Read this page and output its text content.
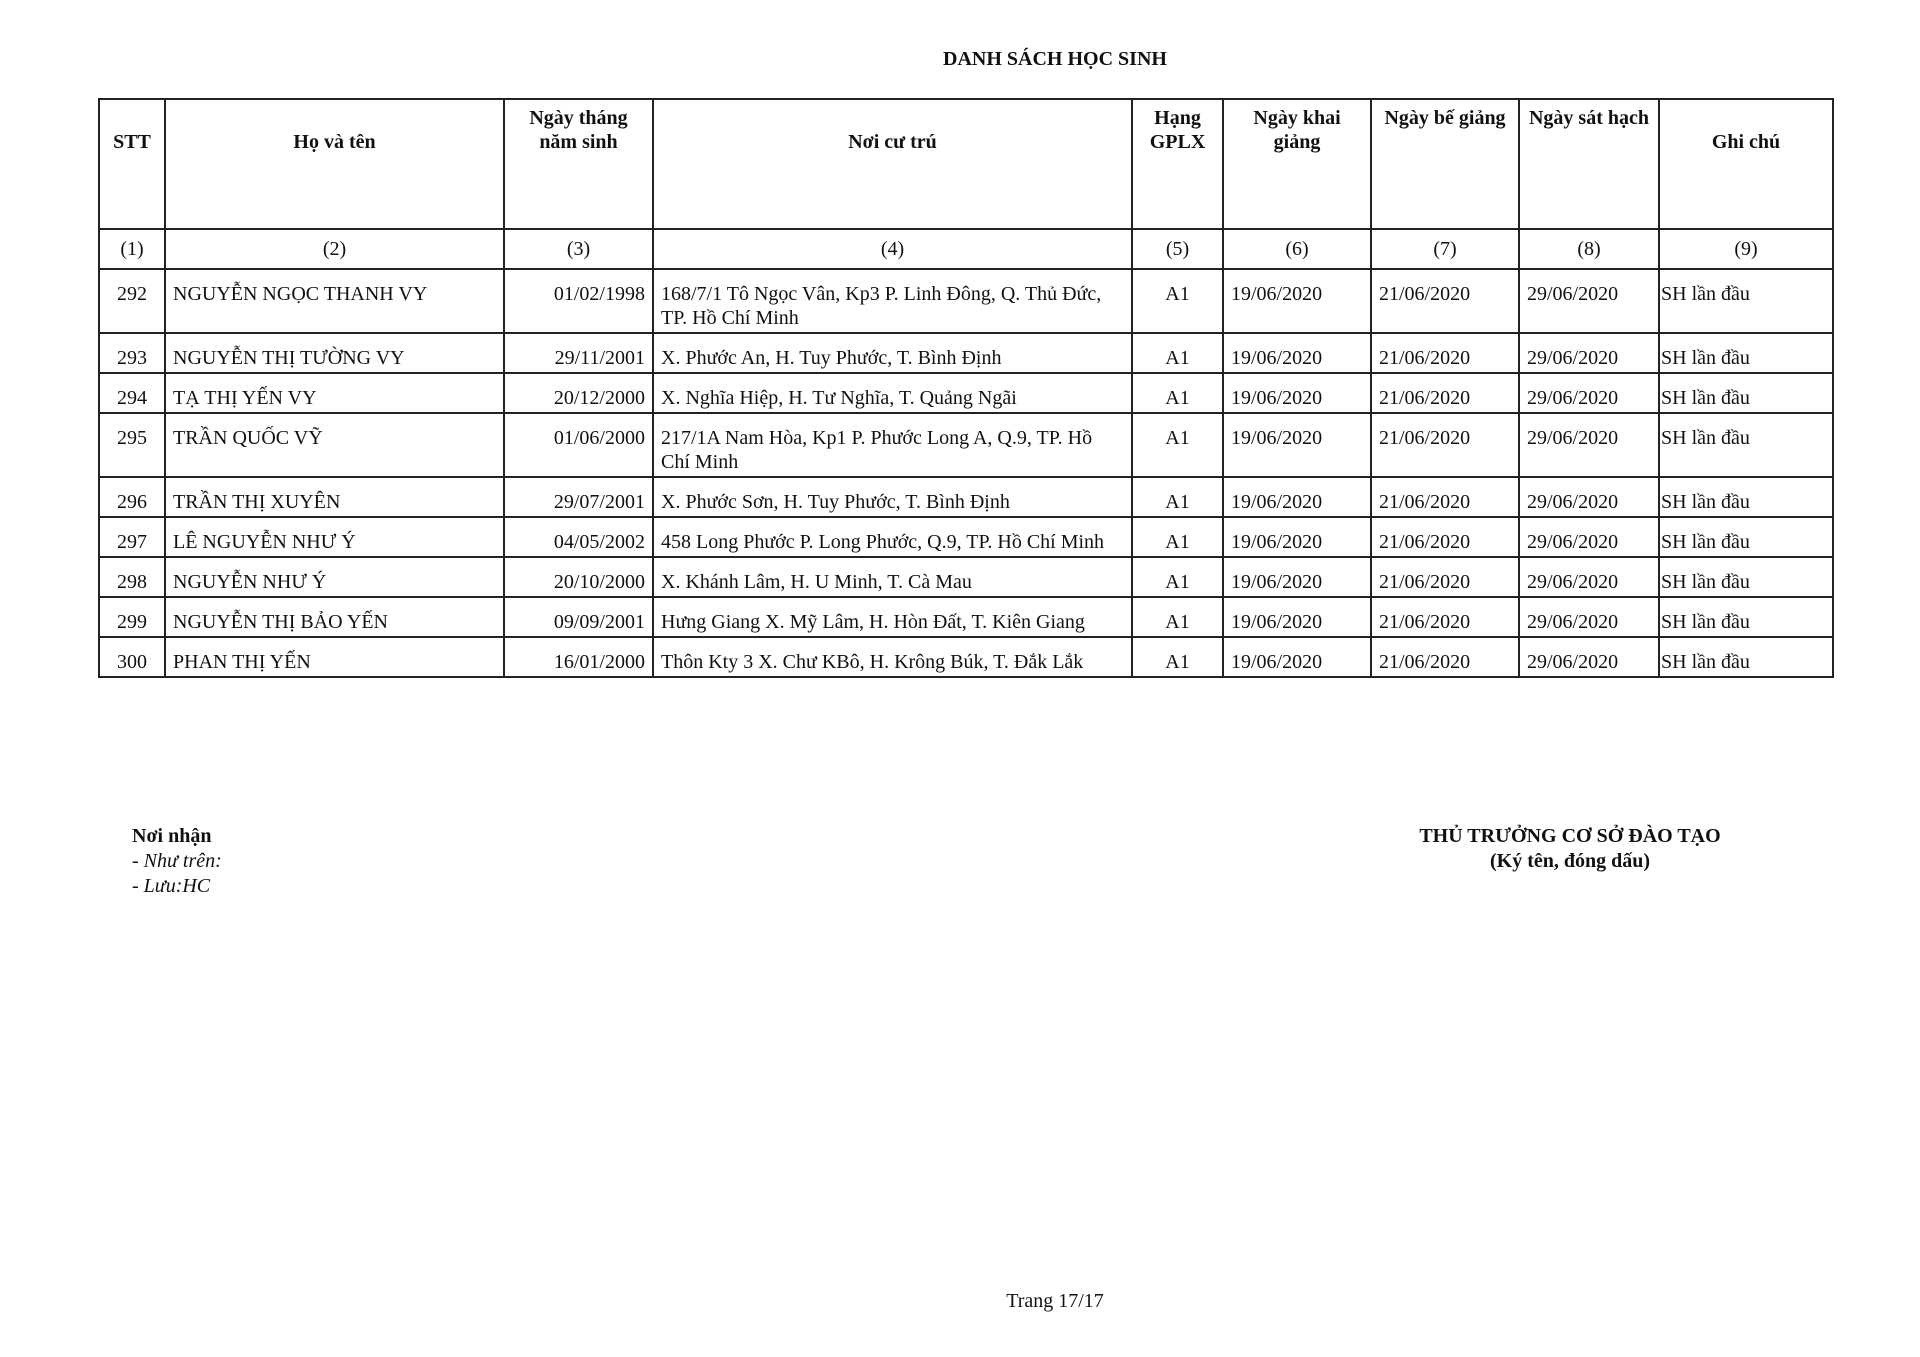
DANH SÁCH HỌC SINH
STT	Họ và tên	Ngày tháng năm sinh	Nơi cư trú	Hạng GPLX	Ngày khai giảng	Ngày bế giảng	Ngày sát hạch	Ghi chú

(1)	(2)	(3)	(4)	(5)	(6)	(7)	(8)	(9)
292	NGUYỄN NGỌC THANH VY	01/02/1998	168/7/1 Tô Ngọc Vân, Kp3 P. Linh Đông, Q. Thủ Đức, TP. Hồ Chí Minh	A1	19/06/2020	21/06/2020	29/06/2020	SH lần đầu
293	NGUYỄN THỊ TƯỜNG VY	29/11/2001	X. Phước An, H. Tuy Phước, T. Bình Định	A1	19/06/2020	21/06/2020	29/06/2020	SH lần đầu
294	TẠ THỊ YẾN VY	20/12/2000	X. Nghĩa Hiệp, H. Tư Nghĩa, T. Quảng Ngãi	A1	19/06/2020	21/06/2020	29/06/2020	SH lần đầu
295	TRẦN QUỐC VỸ	01/06/2000	217/1A Nam Hòa, Kp1 P. Phước Long A, Q.9, TP. Hồ Chí Minh	A1	19/06/2020	21/06/2020	29/06/2020	SH lần đầu
296	TRẦN THỊ XUYÊN	29/07/2001	X. Phước Sơn, H. Tuy Phước, T. Bình Định	A1	19/06/2020	21/06/2020	29/06/2020	SH lần đầu
297	LÊ NGUYỄN NHƯ Ý	04/05/2002	458 Long Phước P. Long Phước, Q.9, TP. Hồ Chí Minh	A1	19/06/2020	21/06/2020	29/06/2020	SH lần đầu
298	NGUYỄN NHƯ Ý	20/10/2000	X. Khánh Lâm, H. U Minh, T. Cà Mau	A1	19/06/2020	21/06/2020	29/06/2020	SH lần đầu
299	NGUYỄN THỊ BẢO YẾN	09/09/2001	Hưng Giang X. Mỹ Lâm, H. Hòn Đất, T. Kiên Giang	A1	19/06/2020	21/06/2020	29/06/2020	SH lần đầu
300	PHAN THỊ YẾN	16/01/2000	Thôn Kty 3 X. Chư KBô, H. Krông Búk, T. Đắk Lắk	A1	19/06/2020	21/06/2020	29/06/2020	SH lần đầu
Nơi nhận
- Như trên:
- Lưu:HC
THỦ TRƯỞNG CƠ SỞ ĐÀO TẠO
(Ký tên, đóng dấu)
Trang 17/17
